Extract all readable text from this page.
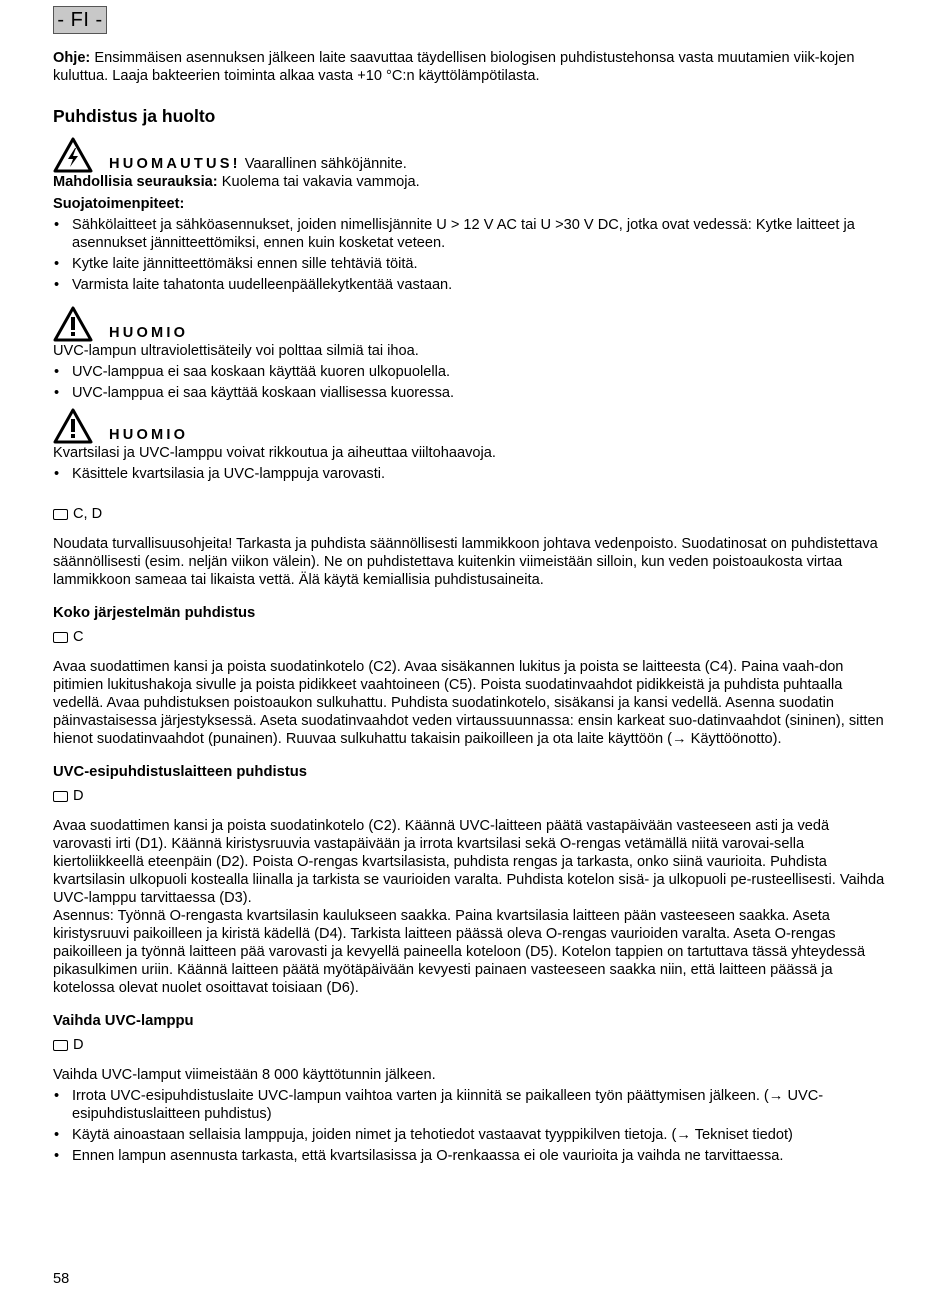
- FI -

Ohje: Ensimmäisen asennuksen jälkeen laite saavuttaa täydellisen biologisen puhdistustehonsa vasta muutamien viik-kojen kuluttua. Laaja bakteerien toiminta alkaa vasta +10 °C:n käyttölämpötilasta.

Puhdistus ja huolto
HUOMAUTUS! Vaarallinen sähköjännite.

Mahdollisia seurauksia: Kuolema tai vakavia vammoja.

Suojatoimenpiteet:

• Sähkölaitteet ja sähköasennukset, joiden nimellisjännite U > 12 V AC tai U >30 V DC, jotka ovat vedessä: Kytke laitteet ja asennukset jännitteettömiksi, ennen kuin kosketat veteen.
• Kytke laite jännitteettömäksi ennen sille tehtäviä töitä.
• Varmista laite tahatonta uudelleenpäällekytkentää vastaan.
HUOMIO

UVC-lampun ultraviolettisäteily voi polttaa silmiä tai ihoa.

• UVC-lamppua ei saa koskaan käyttää kuoren ulkopuolella.
• UVC-lamppua ei saa käyttää koskaan viallisessa kuoressa.
HUOMIO

Kvartsilasi ja UVC-lamppu voivat rikkoutua ja aiheuttaa viiltohaavoja.

• Käsittele kvartsilasia ja UVC-lamppuja varovasti.
C, D

Noudata turvallisuusohjeita! Tarkasta ja puhdista säännöllisesti lammikkoon johtava vedenpoisto. Suodatinosat on puhdistettava säännöllisesti (esim. neljän viikon välein). Ne on puhdistettava kuitenkin viimeistään silloin, kun veden poistoaukosta virtaa lammikkoon sameaa tai likaista vettä. Älä käytä kemiallisia puhdistusaineita.

Koko järjestelmän puhdistus
C

Avaa suodattimen kansi ja poista suodatinkotelo (C2). Avaa sisäkannen lukitus ja poista se laitteesta (C4). Paina vaah-don pitimien lukitushakoja sivulle ja poista pidikkeet vaahtoineen (C5). Poista suodatinvaahdot pidikkeistä ja puhdista puhtaalla vedellä. Avaa puhdistuksen poistoaukon sulkuhattu. Puhdista suodatinkotelo, sisäkansi ja kansi vedellä. Asenna suodatin päinvastaisessa järjestyksessä. Aseta suodatinvaahdot veden virtaussuunnassa: ensin karkeat suo-datinvaahdot (sininen), sitten hienot suodatinvaahdot (punainen). Ruuvaa sulkuhattu takaisin paikoilleen ja ota laite käyttöön (→ Käyttöönotto).

UVC-esipuhdistuslaitteen puhdistus
D

Avaa suodattimen kansi ja poista suodatinkotelo (C2). Käännä UVC-laitteen päätä vastapäivään vasteeseen asti ja vedä varovasti irti (D1). Käännä kiristysruuvia vastapäivään ja irrota kvartsilasi sekä O-rengas vetämällä niitä varovai-sella kiertoliikkeellä eteenpäin (D2). Poista O-rengas kvartsilasista, puhdista rengas ja tarkasta, onko siinä vaurioita. Puhdista kvartsilasin ulkopuoli kostealla liinalla ja tarkista se vaurioiden varalta. Puhdista kotelon sisä- ja ulkopuoli pe-rusteellisesti. Vaihda UVC-lamppu tarvittaessa (D3).

Asennus: Työnnä O-rengasta kvartsilasin kaulukseen saakka. Paina kvartsilasia laitteen pään vasteeseen saakka. Aseta kiristysruuvi paikoilleen ja kiristä kädellä (D4). Tarkista laitteen päässä oleva O-rengas vaurioiden varalta. Aseta O-rengas paikoilleen ja työnnä laitteen pää varovasti ja kevyellä paineella koteloon (D5). Kotelon tappien on tartuttava tässä yhteydessä pikasulkimen uriin. Käännä laitteen päätä myötäpäivään kevyesti painaen vasteeseen saakka niin, että laitteen päässä ja kotelossa olevat nuolet osoittavat toisiaan (D6).

Vaihda UVC-lamppu
D

Vaihda UVC-lamput viimeistään 8 000 käyttötunnin jälkeen.

• Irrota UVC-esipuhdistuslaite UVC-lampun vaihtoa varten ja kiinnitä se paikalleen työn päättymisen jälkeen. (→ UVC-esipuhdistuslaitteen puhdistus)
• Käytä ainoastaan sellaisia lamppuja, joiden nimet ja tehotiedot vastaavat tyyppikilven tietoja. (→ Tekniset tiedot)
• Ennen lampun asennusta tarkasta, että kvartsilasissa ja O-renkaassa ei ole vaurioita ja vaihda ne tarvittaessa.
58
